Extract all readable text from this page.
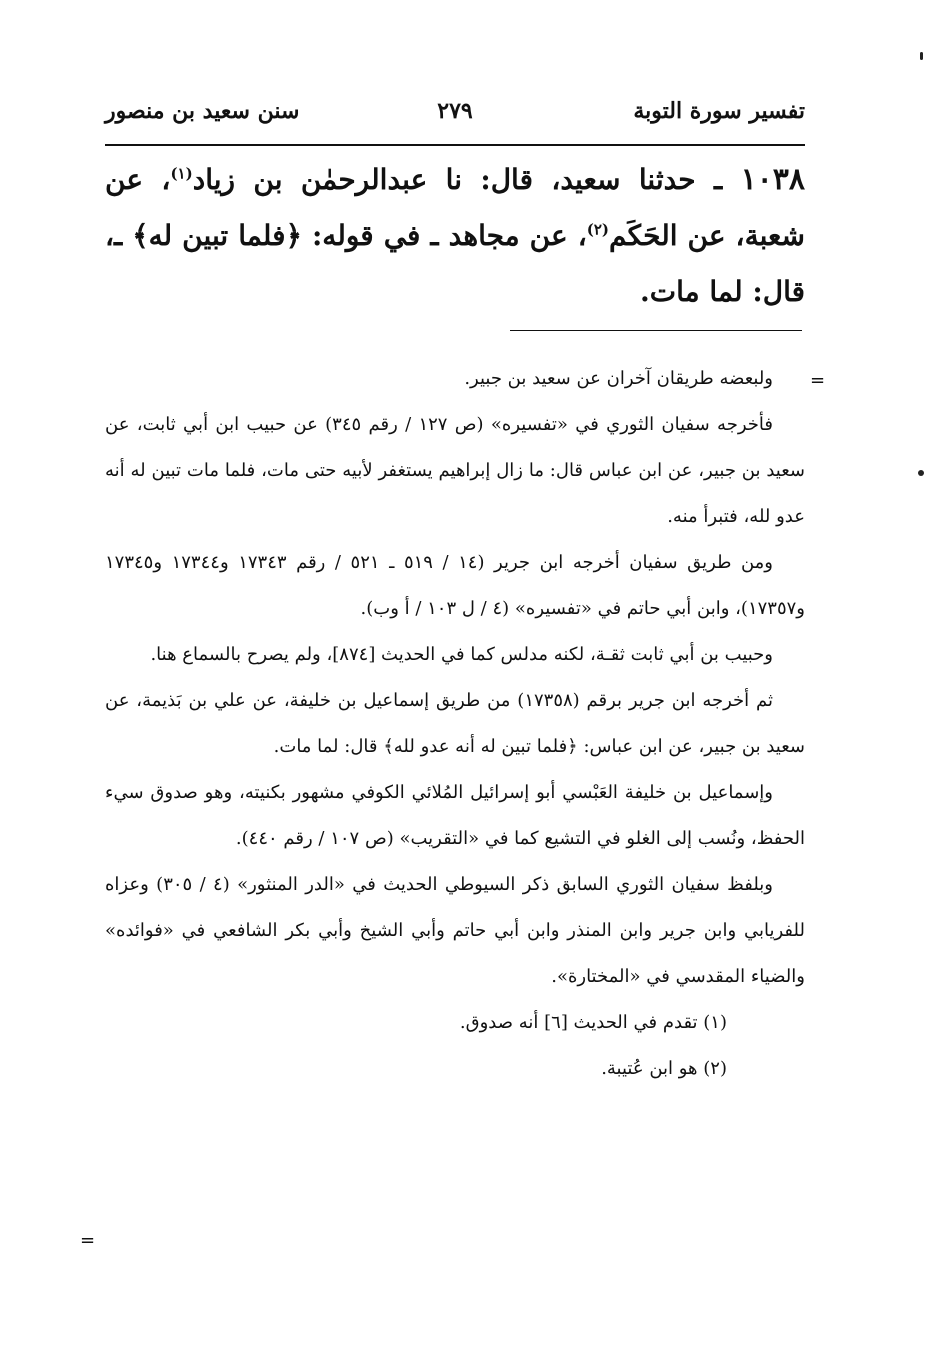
تفسير سورة التوبة
٢٧٩
سنن سعيد بن منصور
١٠٣٨ ـ حدثنا سعيد، قال: نا عبدالرحمٰن بن زياد$^{(١)}$، عن شعبة، عن الحَكَم$^{(٢)}$، عن مجاهد ـ في قوله: ﴿فلما تبين له﴾ ـ، قال: لما مات.

ولبعضه طريقان آخران عن سعيد بن جبير.

فأخرجه سفيان الثوري في «تفسيره» (ص ١٢٧ / رقم ٣٤٥) عن حبيب ابن أبي ثابت، عن سعيد بن جبير، عن ابن عباس قال: ما زال إبراهيم يستغفر لأبيه حتى مات، فلما مات تبين له أنه عدو لله، فتبرأ منه.

ومن طريق سفيان أخرجه ابن جرير (١٤ / ٥١٩ ـ ٥٢١ / رقم ١٧٣٤٣ و١٧٣٤٤ و١٧٣٤٥ و١٧٣٥٧)، وابن أبي حاتم في «تفسيره» (٤ / ل ١٠٣ / أ وب).

وحبيب بن أبي ثابت ثقـة، لكنه مدلس كما في الحديث [٨٧٤]، ولم يصرح بالسماع هنا.

ثم أخرجه ابن جرير برقم (١٧٣٥٨) من طريق إسماعيل بن خليفة، عن علي بن بَذيمة، عن سعيد بن جبير، عن ابن عباس: ﴿فلما تبين له أنه عدو لله﴾ قال: لما مات.

وإسماعيل بن خليفة العَبْسي أبو إسرائيل المُلائي الكوفي مشهور بكنيته، وهو صدوق سيء الحفظ، ونُسب إلى الغلو في التشيع كما في «التقريب» (ص ١٠٧ / رقم ٤٤٠).

وبلفظ سفيان الثوري السابق ذكر السيوطي الحديث في «الدر المنثور» (٤ / ٣٠٥) وعزاه للفريابي وابن جرير وابن المنذر وابن أبي حاتم وأبي الشيخ وأبي بكر الشافعي في «فوائده» والضياء المقدسي في «المختارة».

(١) تقدم في الحديث [٦] أنه صدوق.

(٢) هو ابن عُتيبة.

=
=
